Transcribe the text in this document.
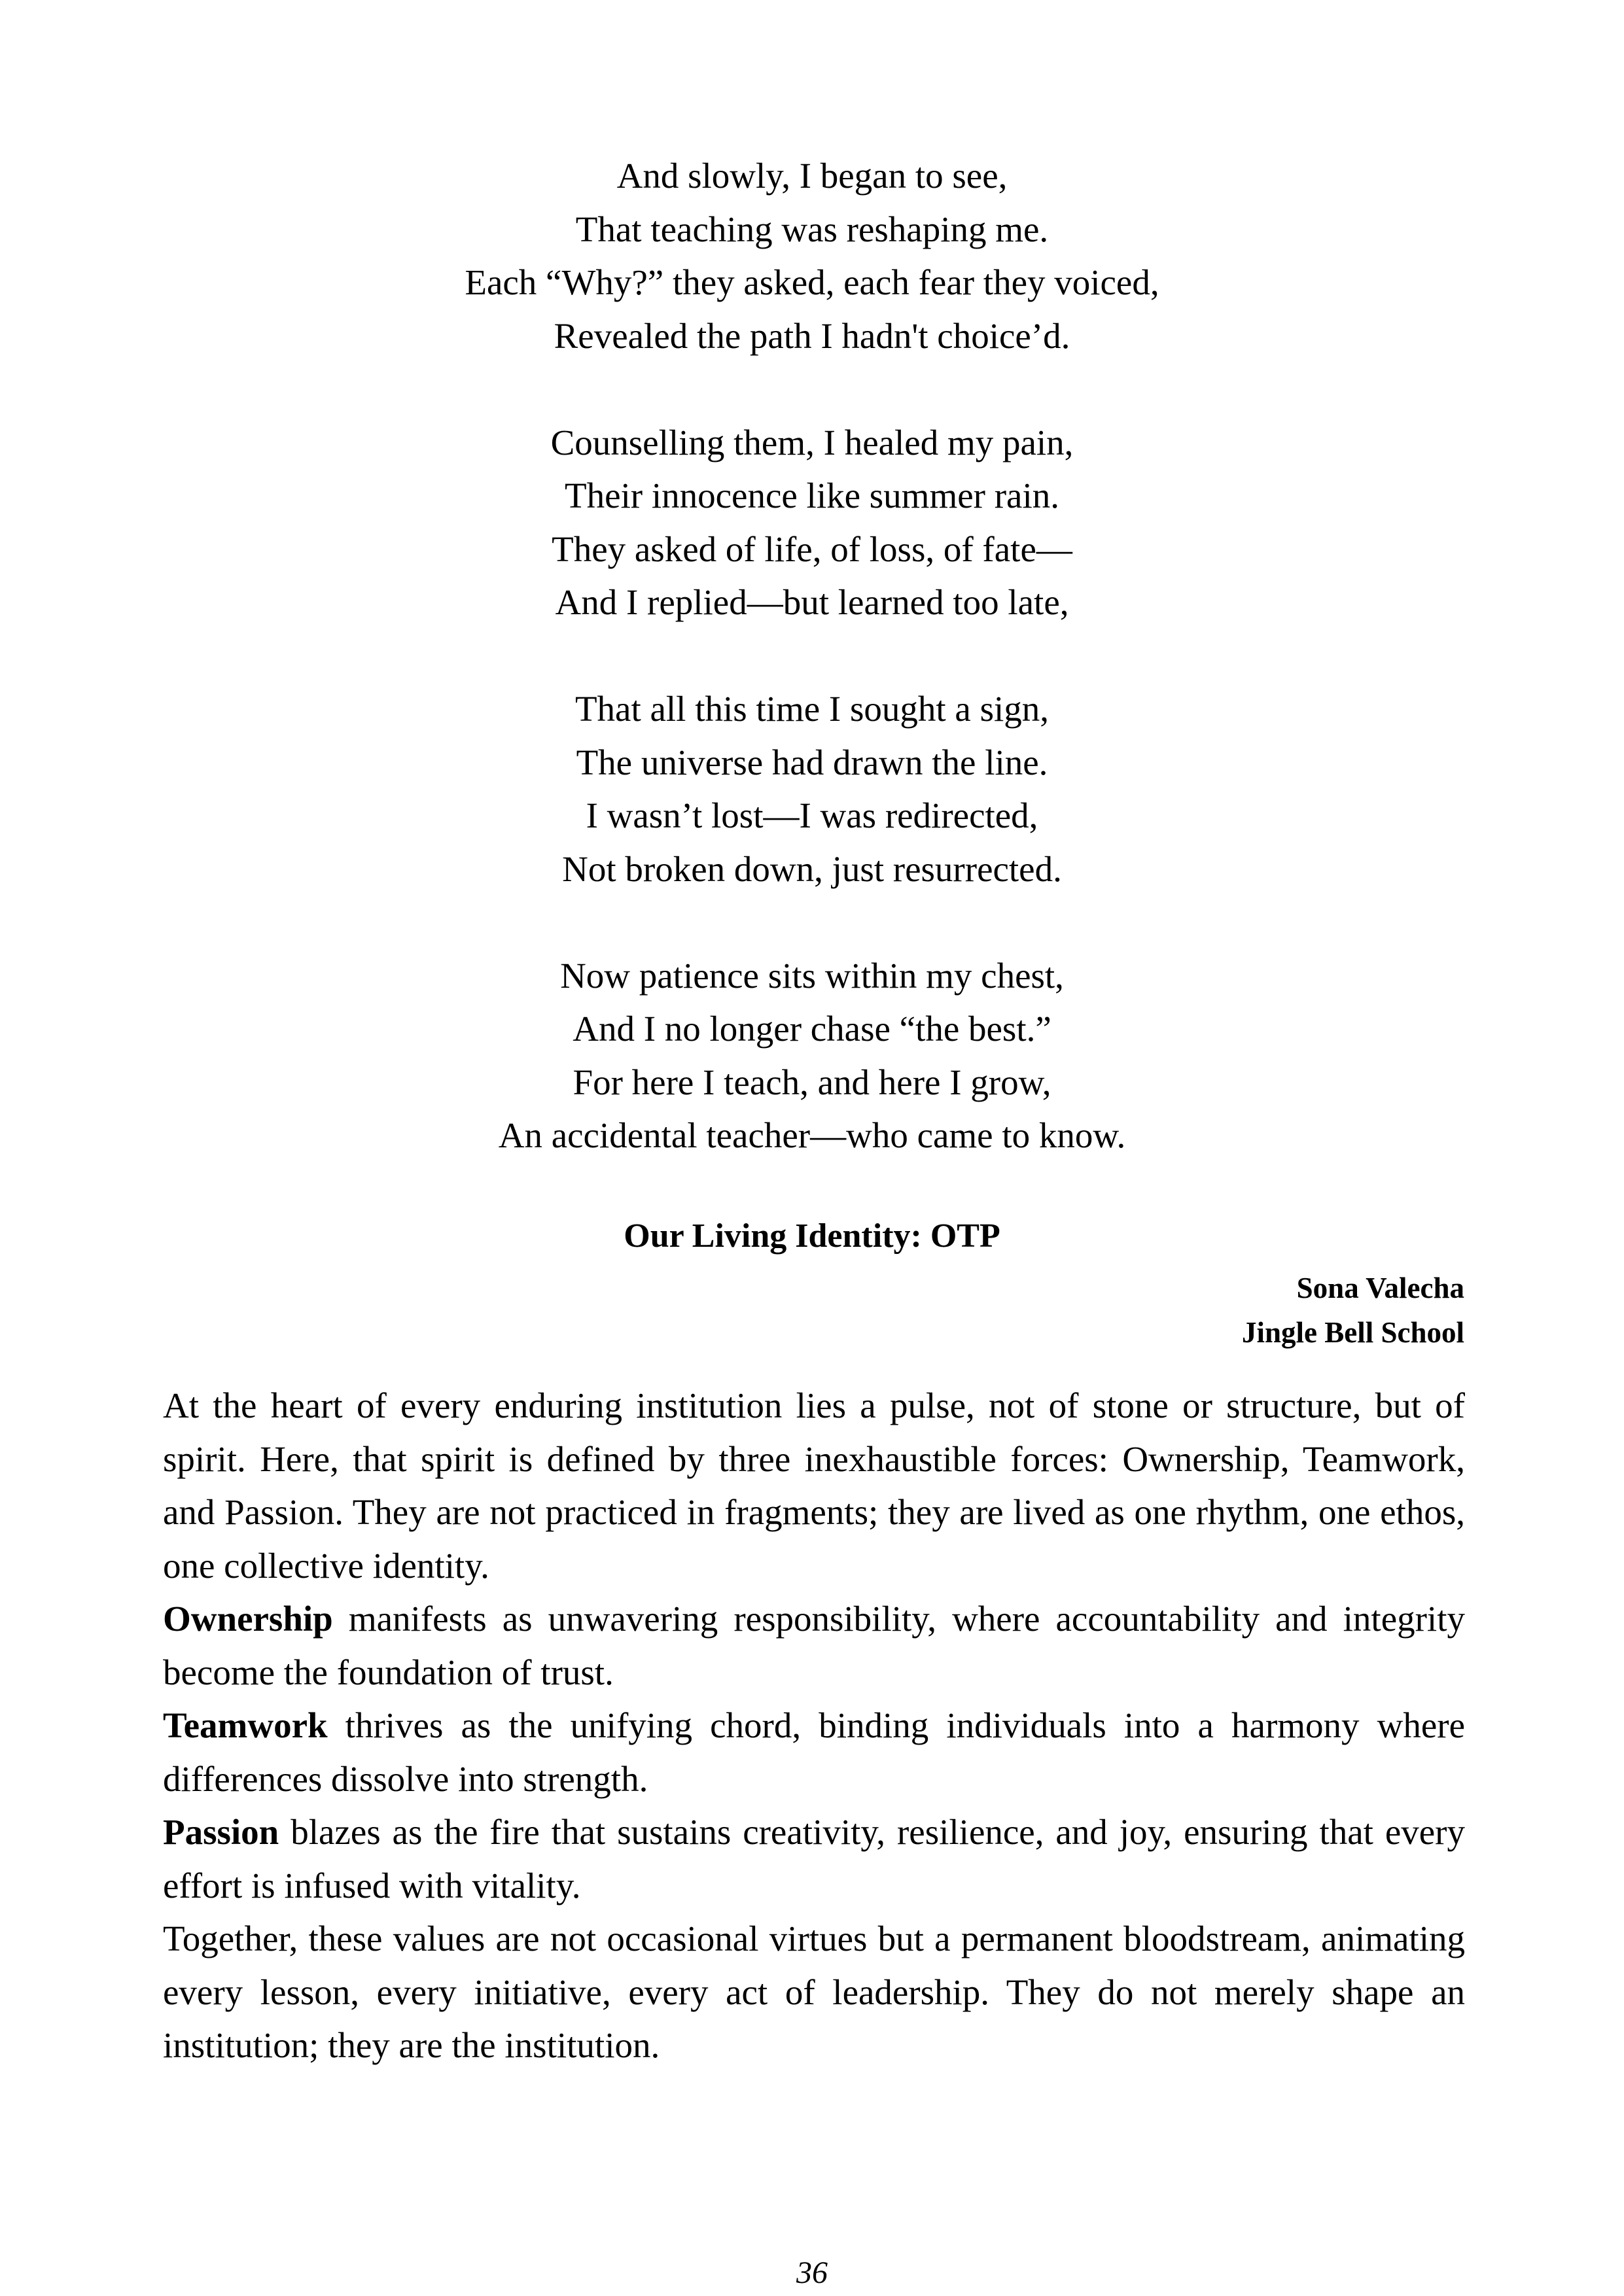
And slowly, I began to see,
That teaching was reshaping me.
Each “Why?” they asked, each fear they voiced,
Revealed the path I hadn't choice’d.
Counselling them, I healed my pain,
Their innocence like summer rain.
They asked of life, of loss, of fate—
And I replied—but learned too late,
That all this time I sought a sign,
The universe had drawn the line.
I wasn’t lost—I was redirected,
Not broken down, just resurrected.
Now patience sits within my chest,
And I no longer chase “the best.”
For here I teach, and here I grow,
An accidental teacher—who came to know.
Our Living Identity: OTP
Sona Valecha
Jingle Bell School

At the heart of every enduring institution lies a pulse, not of stone or structure, but of spirit. Here, that spirit is defined by three inexhaustible forces: Ownership, Teamwork, and Passion. They are not practiced in fragments; they are lived as one rhythm, one ethos, one collective identity.

Ownership manifests as unwavering responsibility, where accountability and integrity become the foundation of trust.

Teamwork thrives as the unifying chord, binding individuals into a harmony where differences dissolve into strength.

Passion blazes as the fire that sustains creativity, resilience, and joy, ensuring that every effort is infused with vitality.

Together, these values are not occasional virtues but a permanent bloodstream, animating every lesson, every initiative, every act of leadership. They do not merely shape an institution; they are the institution.

36
